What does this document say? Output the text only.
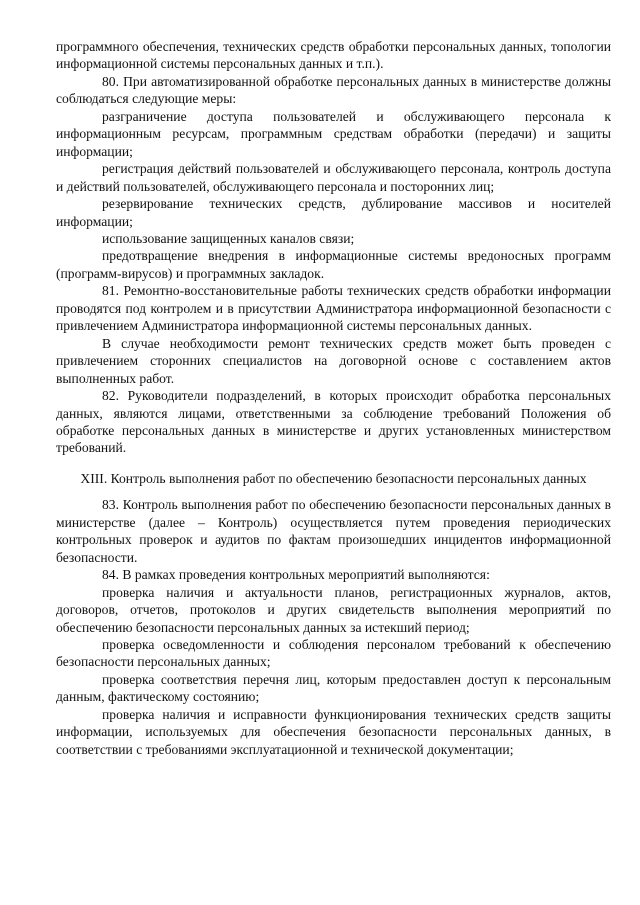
программного обеспечения, технических средств обработки персональных данных, топологии информационной системы персональных данных и т.п.).

80. При автоматизированной обработке персональных данных в министерстве должны соблюдаться следующие меры:

разграничение доступа пользователей и обслуживающего персонала к информационным ресурсам, программным средствам обработки (передачи) и защиты информации;

регистрация действий пользователей и обслуживающего персонала, контроль доступа и действий пользователей, обслуживающего персонала и посторонних лиц;

резервирование технических средств, дублирование массивов и носителей информации;

использование защищенных каналов связи;

предотвращение внедрения в информационные системы вредоносных программ (программ-вирусов) и программных закладок.

81. Ремонтно-восстановительные работы технических средств обработки информации проводятся под контролем и в присутствии Администратора информационной безопасности с привлечением Администратора информационной системы персональных данных.

В случае необходимости ремонт технических средств может быть проведен с привлечением сторонних специалистов на договорной основе с составлением актов выполненных работ.

82. Руководители подразделений, в которых происходит обработка персональных данных, являются лицами, ответственными за соблюдение требований Положения об обработке персональных данных в министерстве и других установленных министерством требований.

XIII. Контроль выполнения работ по обеспечению безопасности персональных данных

83. Контроль выполнения работ по обеспечению безопасности персональных данных в министерстве (далее – Контроль) осуществляется путем проведения периодических контрольных проверок и аудитов по фактам произошедших инцидентов информационной безопасности.

84. В рамках проведения контрольных мероприятий выполняются:

проверка наличия и актуальности планов, регистрационных журналов, актов, договоров, отчетов, протоколов и других свидетельств выполнения мероприятий по обеспечению безопасности персональных данных за истекший период;

проверка осведомленности и соблюдения персоналом требований к обеспечению безопасности персональных данных;

проверка соответствия перечня лиц, которым предоставлен доступ к персональным данным, фактическому состоянию;

проверка наличия и исправности функционирования технических средств защиты информации, используемых для обеспечения безопасности персональных данных, в соответствии с требованиями эксплуатационной и технической документации;
